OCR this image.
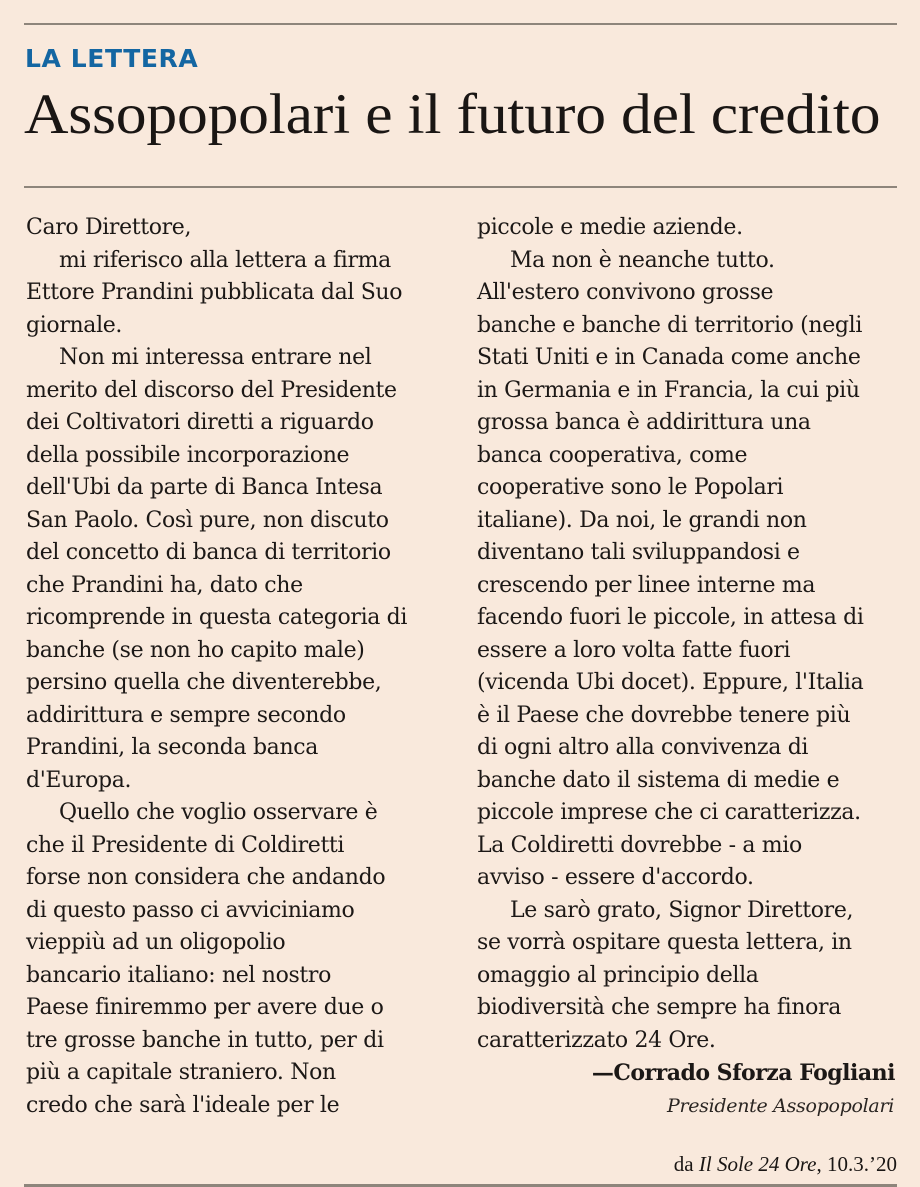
LA LETTERA
Assopopolari e il futuro del credito
Caro Direttore,
mi riferisco alla lettera a firma
Ettore Prandini pubblicata dal Suo
giornale.
Non mi interessa entrare nel
merito del discorso del Presidente
dei Coltivatori diretti a riguardo
della possibile incorporazione
dell'Ubi da parte di Banca Intesa
San Paolo. Così pure, non discuto
del concetto di banca di territorio
che Prandini ha, dato che
ricomprende in questa categoria di
banche (se non ho capito male)
persino quella che diventerebbe,
addirittura e sempre secondo
Prandini, la seconda banca
d'Europa.
Quello che voglio osservare è
che il Presidente di Coldiretti
forse non considera che andando
di questo passo ci avviciniamo
vieppiù ad un oligopolio
bancario italiano: nel nostro
Paese finiremmo per avere due o
tre grosse banche in tutto, per di
più a capitale straniero. Non
credo che sarà l'ideale per le
piccole e medie aziende.
Ma non è neanche tutto.
All'estero convivono grosse
banche e banche di territorio (negli
Stati Uniti e in Canada come anche
in Germania e in Francia, la cui più
grossa banca è addirittura una
banca cooperativa, come
cooperative sono le Popolari
italiane). Da noi, le grandi non
diventano tali sviluppandosi e
crescendo per linee interne ma
facendo fuori le piccole, in attesa di
essere a loro volta fatte fuori
(vicenda Ubi docet). Eppure, l'Italia
è il Paese che dovrebbe tenere più
di ogni altro alla convivenza di
banche dato il sistema di medie e
piccole imprese che ci caratterizza.
La Coldiretti dovrebbe - a mio
avviso - essere d'accordo.
Le sarò grato, Signor Direttore,
se vorrà ospitare questa lettera, in
omaggio al principio della
biodiversità che sempre ha finora
caratterizzato 24 Ore.
—Corrado Sforza Fogliani
Presidente Assopopolari
da Il Sole 24 Ore, 10.3.’20
